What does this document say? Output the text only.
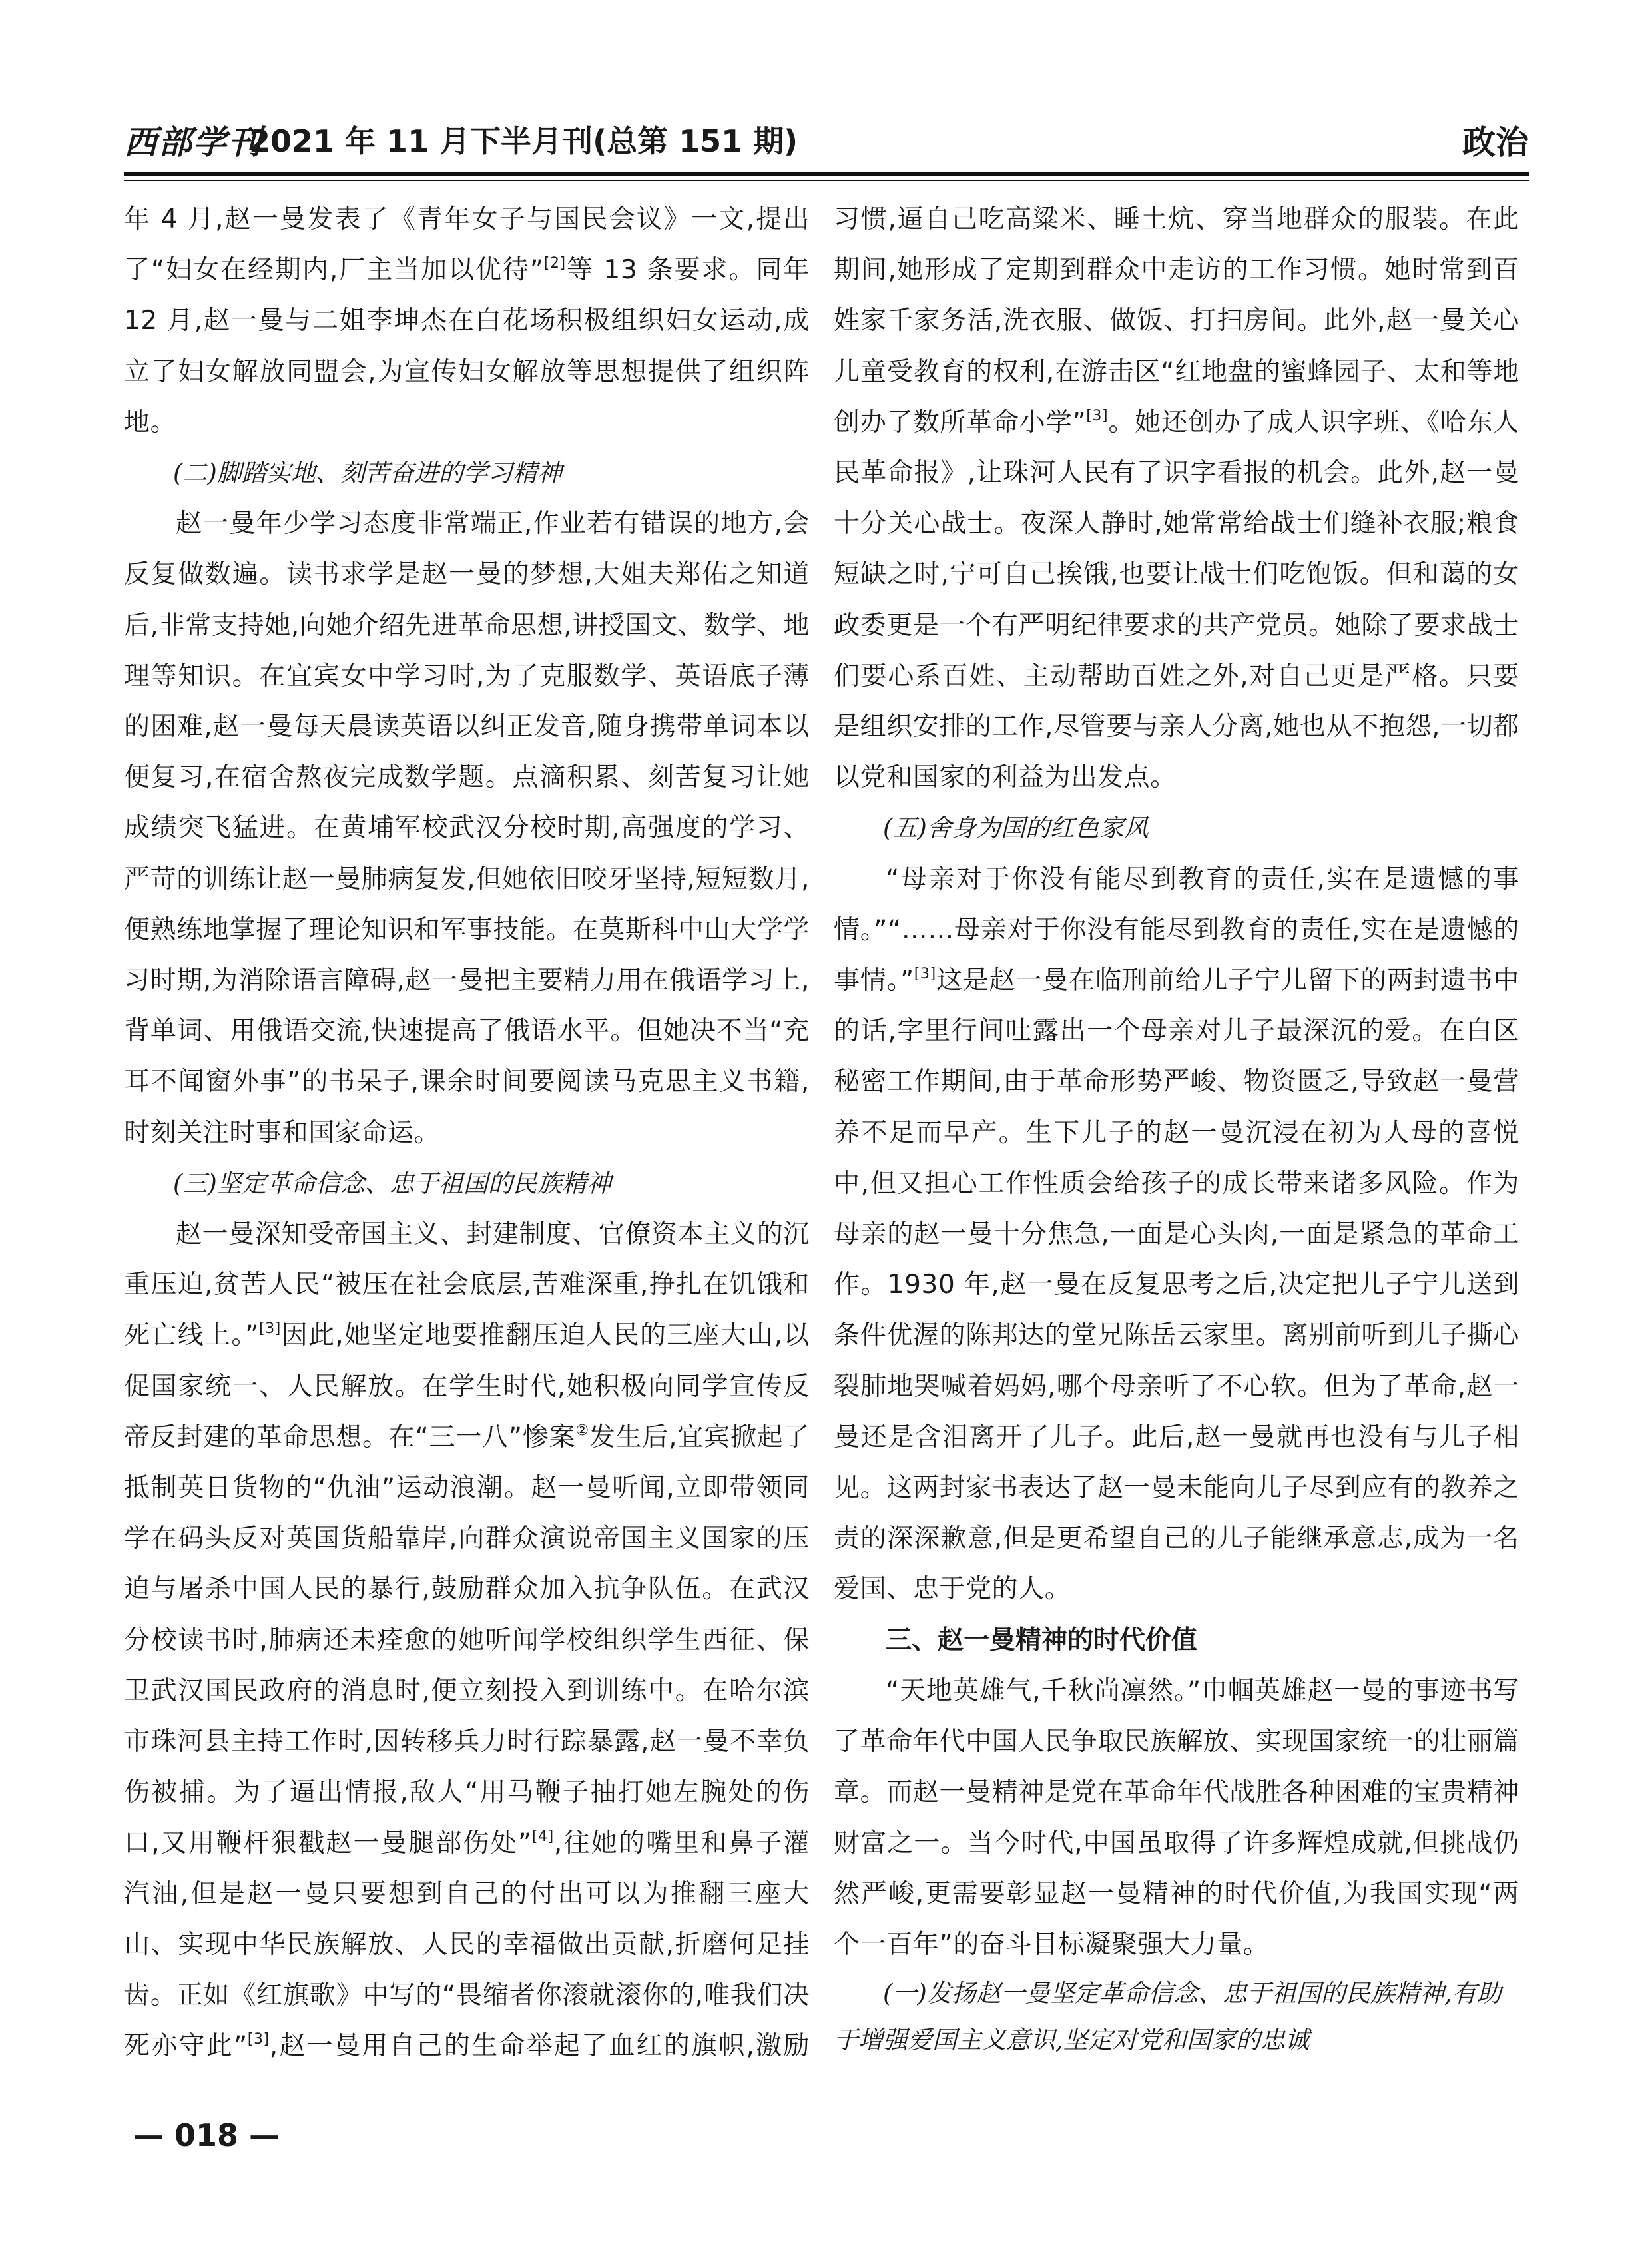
西部学刊
2021 年 11 月下半月刊(总第 151 期)	政治

年 4 月,赵一曼发表了《青年女子与国民会议》一文,提出了“妇女在经期内,厂主当加以优待”[2]等 13 条要求。同年 12 月,赵一曼与二姐李坤杰在白花场积极组织妇女运动,成立了妇女解放同盟会,为宣传妇女解放等思想提供了组织阵地。

(二)脚踏实地、刻苦奋进的学习精神

赵一曼年少学习态度非常端正,作业若有错误的地方,会反复做数遍。读书求学是赵一曼的梦想,大姐夫郑佑之知道后,非常支持她,向她介绍先进革命思想,讲授国文、数学、地理等知识。在宜宾女中学习时,为了克服数学、英语底子薄的困难,赵一曼每天晨读英语以纠正发音,随身携带单词本以便复习,在宿舍熬夜完成数学题。点滴积累、刻苦复习让她成绩突飞猛进。在黄埔军校武汉分校时期,高强度的学习、严苛的训练让赵一曼肺病复发,但她依旧咬牙坚持,短短数月,便熟练地掌握了理论知识和军事技能。在莫斯科中山大学学习时期,为消除语言障碍,赵一曼把主要精力用在俄语学习上,背单词、用俄语交流,快速提高了俄语水平。但她决不当“充耳不闻窗外事”的书呆子,课余时间要阅读马克思主义书籍,时刻关注时事和国家命运。

(三)坚定革命信念、忠于祖国的民族精神

赵一曼深知受帝国主义、封建制度、官僚资本主义的沉重压迫,贫苦人民“被压在社会底层,苦难深重,挣扎在饥饿和死亡线上。”[3]因此,她坚定地要推翻压迫人民的三座大山,以促国家统一、人民解放。在学生时代,她积极向同学宣传反帝反封建的革命思想。在“三一八”惨案②发生后,宜宾掀起了抵制英日货物的“仇油”运动浪潮。赵一曼听闻,立即带领同学在码头反对英国货船靠岸,向群众演说帝国主义国家的压迫与屠杀中国人民的暴行,鼓励群众加入抗争队伍。在武汉分校读书时,肺病还未痊愈的她听闻学校组织学生西征、保卫武汉国民政府的消息时,便立刻投入到训练中。在哈尔滨市珠河县主持工作时,因转移兵力时行踪暴露,赵一曼不幸负伤被捕。为了逼出情报,敌人“用马鞭子抽打她左腕处的伤口,又用鞭杆狠戳赵一曼腿部伤处”[4],往她的嘴里和鼻子灌汽油,但是赵一曼只要想到自己的付出可以为推翻三座大山、实现中华民族解放、人民的幸福做出贡献,折磨何足挂齿。正如《红旗歌》中写的“畏缩者你滚就滚你的,唯我们决死亦守此”[3],赵一曼用自己的生命举起了血红的旗帜,激励

习惯,逼自己吃高粱米、睡土炕、穿当地群众的服装。在此期间,她形成了定期到群众中走访的工作习惯。她时常到百姓家千家务活,洗衣服、做饭、打扫房间。此外,赵一曼关心儿童受教育的权利,在游击区“红地盘的蜜蜂园子、太和等地创办了数所革命小学”[3]。她还创办了成人识字班、《哈东人民革命报》,让珠河人民有了识字看报的机会。此外,赵一曼十分关心战士。夜深人静时,她常常给战士们缝补衣服;粮食短缺之时,宁可自己挨饿,也要让战士们吃饱饭。但和蔼的女政委更是一个有严明纪律要求的共产党员。她除了要求战士们要心系百姓、主动帮助百姓之外,对自己更是严格。只要是组织安排的工作,尽管要与亲人分离,她也从不抱怨,一切都以党和国家的利益为出发点。

(五)舍身为国的红色家风

“母亲对于你没有能尽到教育的责任,实在是遗憾的事情。”“……母亲对于你没有能尽到教育的责任,实在是遗憾的事情。”[3]这是赵一曼在临刑前给儿子宁儿留下的两封遗书中的话,字里行间吐露出一个母亲对儿子最深沉的爱。在白区秘密工作期间,由于革命形势严峻、物资匮乏,导致赵一曼营养不足而早产。生下儿子的赵一曼沉浸在初为人母的喜悦中,但又担心工作性质会给孩子的成长带来诸多风险。作为母亲的赵一曼十分焦急,一面是心头肉,一面是紧急的革命工作。1930 年,赵一曼在反复思考之后,决定把儿子宁儿送到条件优渥的陈邦达的堂兄陈岳云家里。离别前听到儿子撕心裂肺地哭喊着妈妈,哪个母亲听了不心软。但为了革命,赵一曼还是含泪离开了儿子。此后,赵一曼就再也没有与儿子相见。这两封家书表达了赵一曼未能向儿子尽到应有的教养之责的深深歉意,但是更希望自己的儿子能继承意志,成为一名爱国、忠于党的人。

三、赵一曼精神的时代价值

“天地英雄气,千秋尚凛然。”巾帼英雄赵一曼的事迹书写了革命年代中国人民争取民族解放、实现国家统一的壮丽篇章。而赵一曼精神是党在革命年代战胜各种困难的宝贵精神财富之一。当今时代,中国虽取得了许多辉煌成就,但挑战仍然严峻,更需要彰显赵一曼精神的时代价值,为我国实现“两个一百年”的奋斗目标凝聚强大力量。

(一)发扬赵一曼坚定革命信念、忠于祖国的民族精神,有助于增强爱国主义意识,坚定对党和国家的忠诚

— 018 —
